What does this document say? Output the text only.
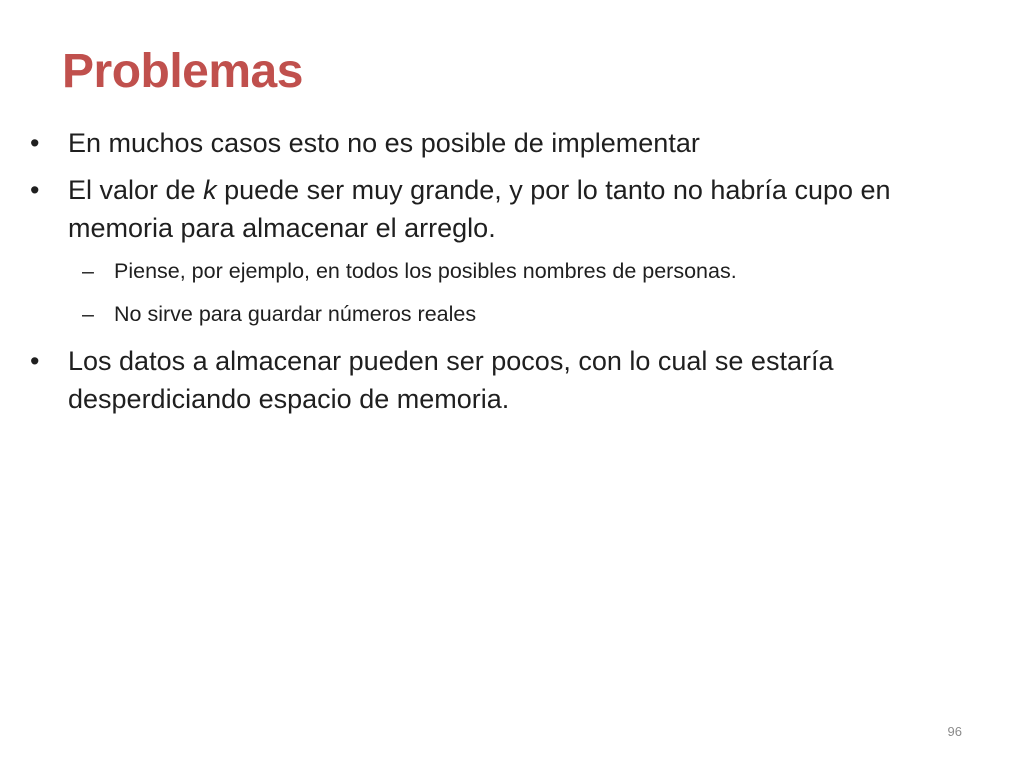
Problemas
•	En muchos casos esto no es posible de implementar
•	El valor de k puede ser muy grande, y por lo tanto no habría cupo en memoria para almacenar el arreglo.
– Piense, por ejemplo, en todos los posibles nombres de personas.
– No sirve para guardar números reales
•	Los datos a almacenar pueden ser pocos, con lo cual se estaría desperdiciando espacio de memoria.
96
